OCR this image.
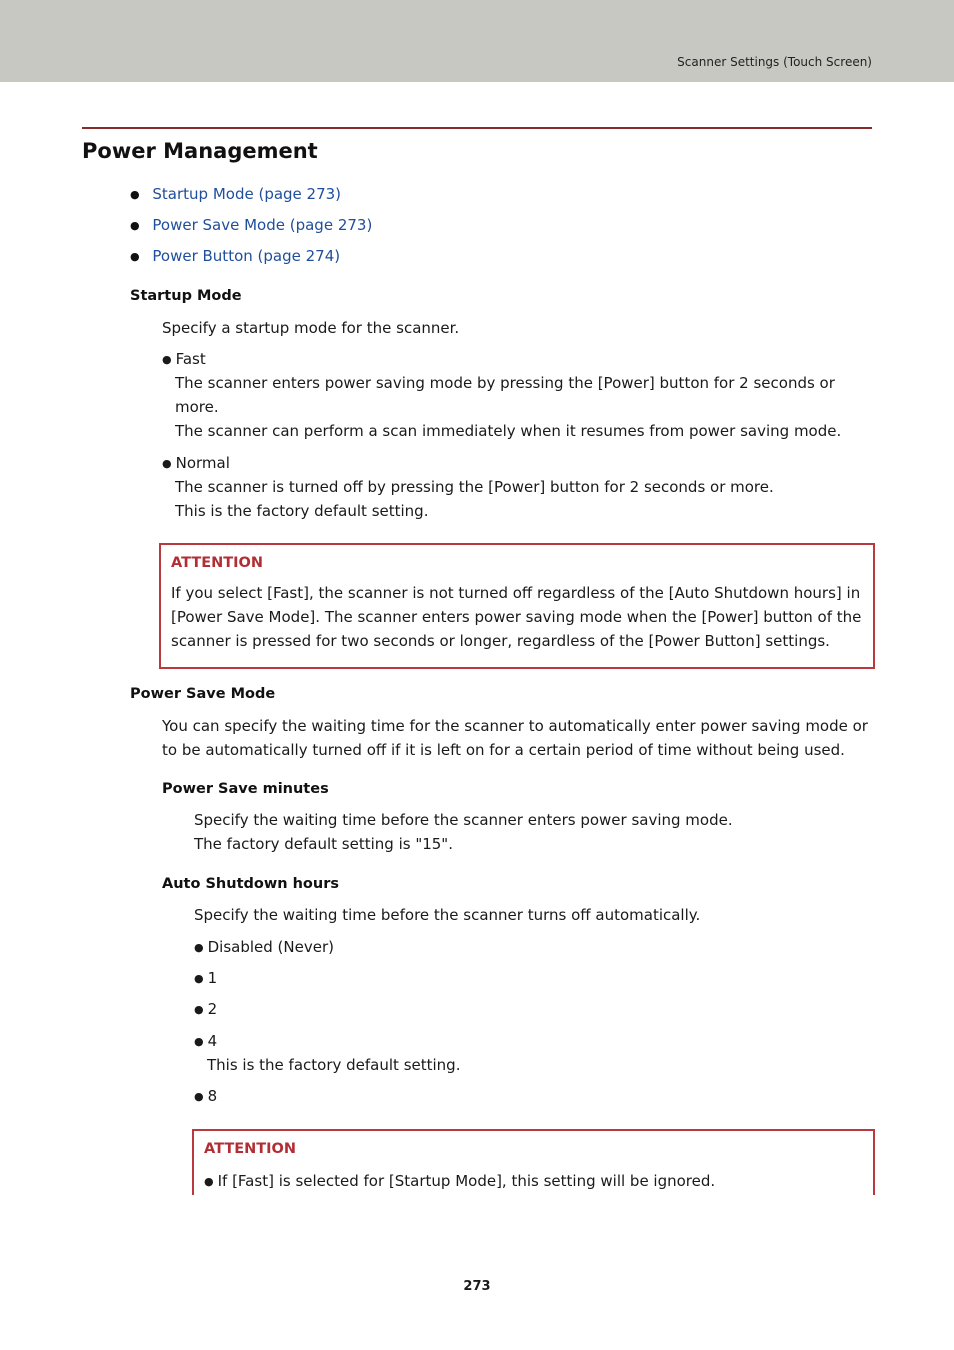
Scanner Settings (Touch Screen)
Power Management
● Startup Mode (page 273)
● Power Save Mode (page 273)
● Power Button (page 274)
Startup Mode
Specify a startup mode for the scanner.
● Fast
The scanner enters power saving mode by pressing the [Power] button for 2 seconds or
more.
The scanner can perform a scan immediately when it resumes from power saving mode.
● Normal
The scanner is turned off by pressing the [Power] button for 2 seconds or more.
This is the factory default setting.
ATTENTION
If you select [Fast], the scanner is not turned off regardless of the [Auto Shutdown hours] in
[Power Save Mode]. The scanner enters power saving mode when the [Power] button of the
scanner is pressed for two seconds or longer, regardless of the [Power Button] settings.
Power Save Mode
You can specify the waiting time for the scanner to automatically enter power saving mode or
to be automatically turned off if it is left on for a certain period of time without being used.
Power Save minutes
Specify the waiting time before the scanner enters power saving mode.
The factory default setting is "15".
Auto Shutdown hours
Specify the waiting time before the scanner turns off automatically.
● Disabled (Never)
● 1
● 2
● 4
This is the factory default setting.
● 8
ATTENTION
● If [Fast] is selected for [Startup Mode], this setting will be ignored.
273
